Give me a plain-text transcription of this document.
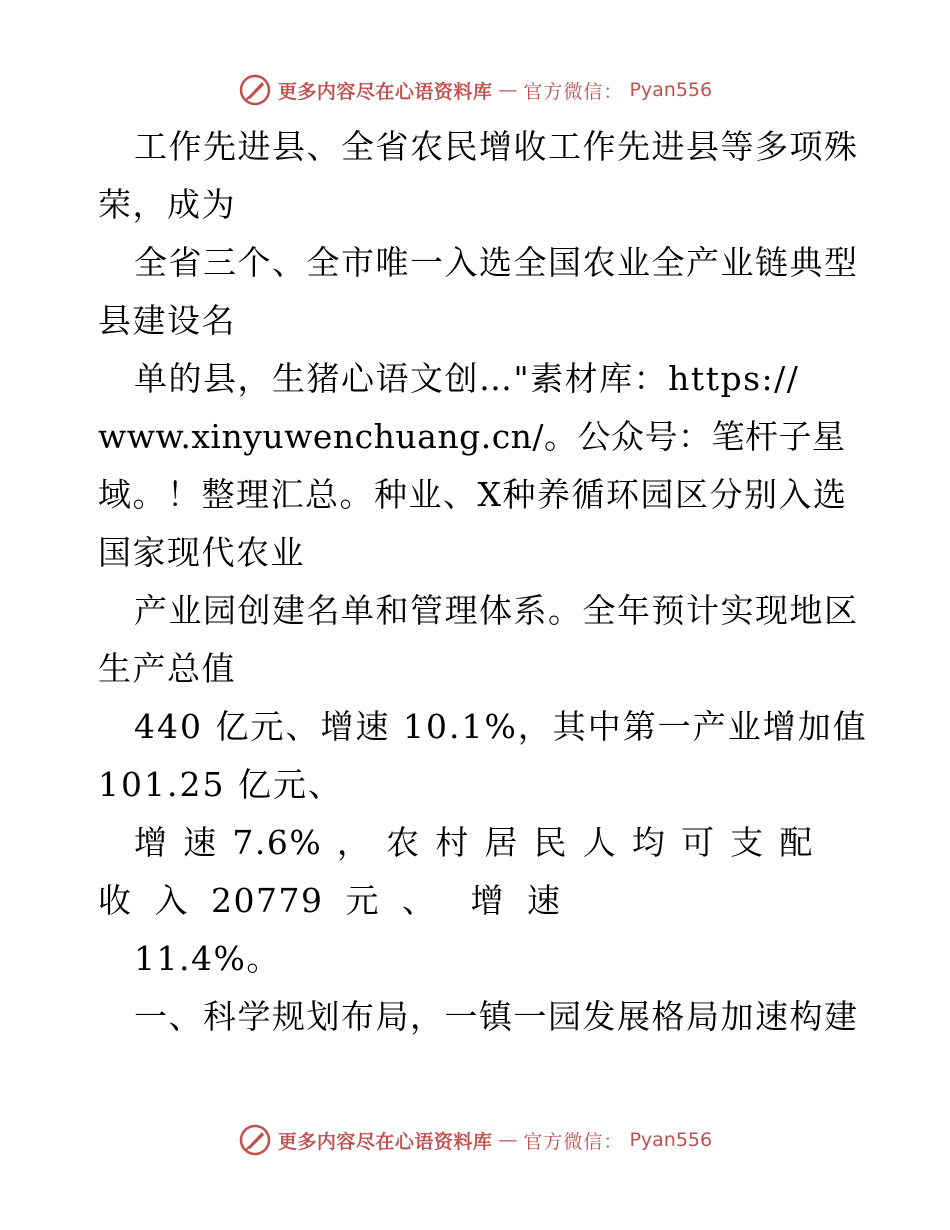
更多内容尽在心语资料库 — 官方微信： Pyan556

工作先进县、全省农民增收工作先进县等多项殊

荣，成为

全省三个、全市唯一入选全国农业全产业链典型

县建设名

单的县，生猪心语文创…"素材库：https://

www.xinyuwenchuang.cn/。公众号：笔杆子星

域。！整理汇总。种业、X种养循环园区分别入选

国家现代农业

产业园创建名单和管理体系。全年预计实现地区

生产总值

440 亿元、增速 10.1%，其中第一产业增加值

101.25 亿元、

增 速 7.6% ， 农 村 居 民 人 均 可 支 配

收 入 20779 元 、 增 速

11.4%。

一、科学规划布局，一镇一园发展格局加速构建

更多内容尽在心语资料库 — 官方微信： Pyan556
